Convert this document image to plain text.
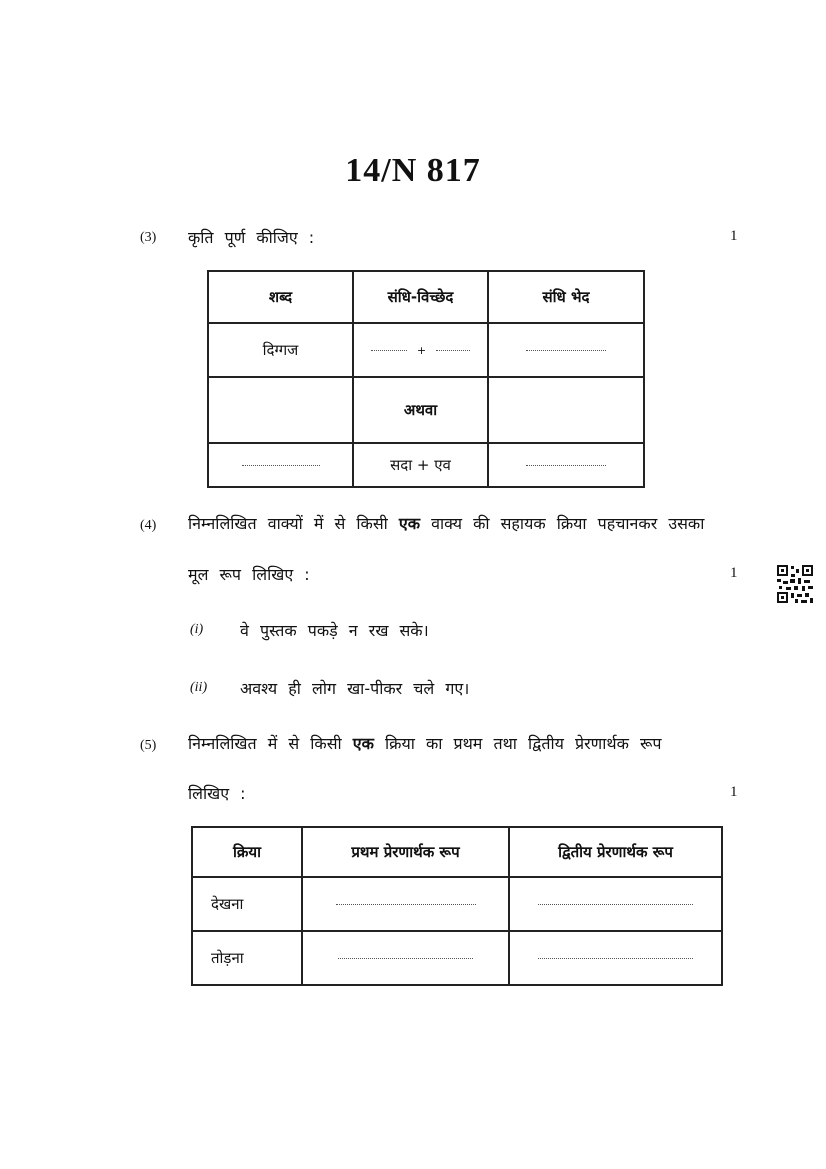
14/N 817
(3) कृति पूर्ण कीजिए :	1
शब्द	संधि-विच्छेद	संधि भेद
दिग्गज	+	
	अथवा	
	सदा + एव	
(4) निम्नलिखित वाक्यों में से किसी एक वाक्य की सहायक क्रिया पहचानकर उसका
मूल रूप लिखिए :	1
(i) वे पुस्तक पकड़े न रख सके।
(ii) अवश्य ही लोग खा-पीकर चले गए।
(5) निम्नलिखित में से किसी एक क्रिया का प्रथम तथा द्वितीय प्रेरणार्थक रूप
लिखिए :	1
क्रिया	प्रथम प्रेरणार्थक रूप	द्वितीय प्रेरणार्थक रूप
देखना		
तोड़ना		
